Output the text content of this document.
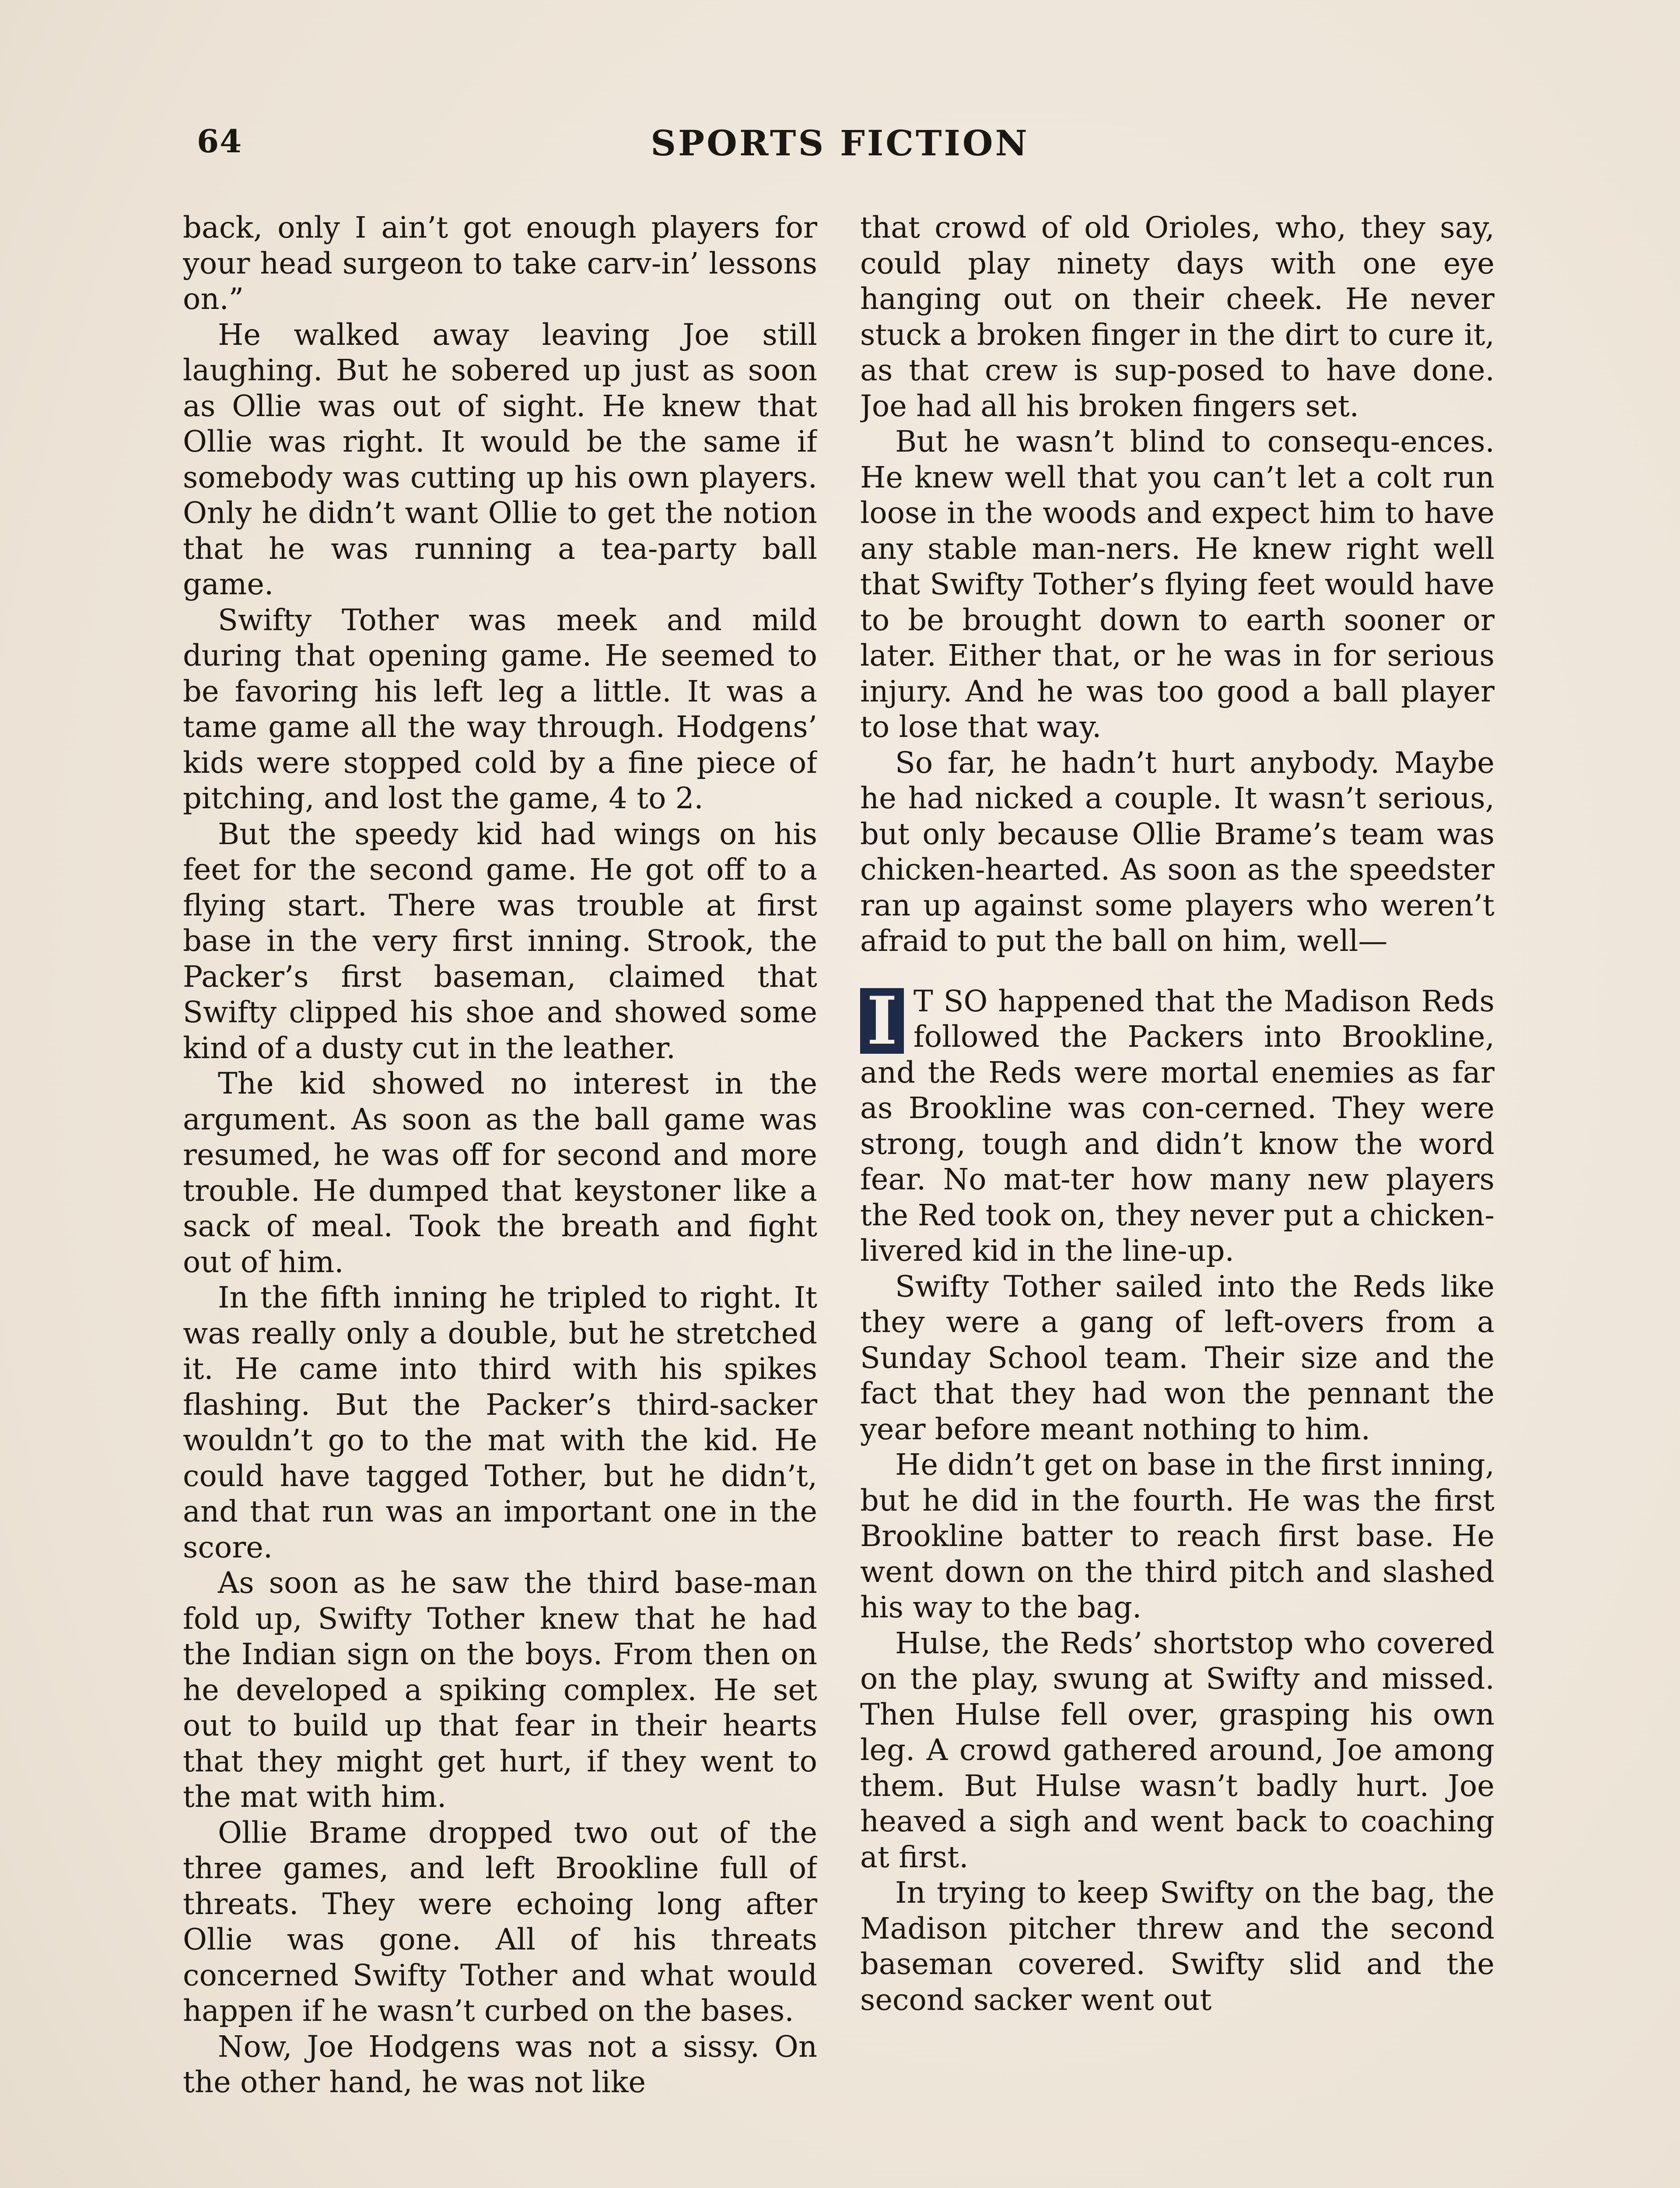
64	SPORTS FICTION

back, only I ain’t got enough players for your head surgeon to take carv-in’ lessons on.”

He walked away leaving Joe still laughing. But he sobered up just as soon as Ollie was out of sight. He knew that Ollie was right. It would be the same if somebody was cutting up his own players. Only he didn’t want Ollie to get the notion that he was running a tea-party ball game.

Swifty Tother was meek and mild during that opening game. He seemed to be favoring his left leg a little. It was a tame game all the way through. Hodgens’ kids were stopped cold by a fine piece of pitching, and lost the game, 4 to 2.

But the speedy kid had wings on his feet for the second game. He got off to a flying start. There was trouble at first base in the very first inning. Strook, the Packer’s first baseman, claimed that Swifty clipped his shoe and showed some kind of a dusty cut in the leather.

The kid showed no interest in the argument. As soon as the ball game was resumed, he was off for second and more trouble. He dumped that keystoner like a sack of meal. Took the breath and fight out of him.

In the fifth inning he tripled to right. It was really only a double, but he stretched it. He came into third with his spikes flashing. But the Packer’s third-sacker wouldn’t go to the mat with the kid. He could have tagged Tother, but he didn’t, and that run was an important one in the score.

As soon as he saw the third base-man fold up, Swifty Tother knew that he had the Indian sign on the boys. From then on he developed a spiking complex. He set out to build up that fear in their hearts that they might get hurt, if they went to the mat with him.

Ollie Brame dropped two out of the three games, and left Brookline full of threats. They were echoing long after Ollie was gone. All of his threats concerned Swifty Tother and what would happen if he wasn’t curbed on the bases.

Now, Joe Hodgens was not a sissy. On the other hand, he was not like

that crowd of old Orioles, who, they say, could play ninety days with one eye hanging out on their cheek. He never stuck a broken finger in the dirt to cure it, as that crew is sup-posed to have done. Joe had all his broken fingers set.

But he wasn’t blind to consequ-ences. He knew well that you can’t let a colt run loose in the woods and expect him to have any stable man-ners. He knew right well that Swifty Tother’s flying feet would have to be brought down to earth sooner or later. Either that, or he was in for serious injury. And he was too good a ball player to lose that way.

So far, he hadn’t hurt anybody. Maybe he had nicked a couple. It wasn’t serious, but only because Ollie Brame’s team was chicken-hearted. As soon as the speedster ran up against some players who weren’t afraid to put the ball on him, well—

I T SO happened that the Madison Reds followed the Packers into Brookline, and the Reds were mortal enemies as far as Brookline was con-cerned. They were strong, tough and didn’t know the word fear. No mat-ter how many new players the Red took on, they never put a chicken-livered kid in the line-up.

Swifty Tother sailed into the Reds like they were a gang of left-overs from a Sunday School team. Their size and the fact that they had won the pennant the year before meant nothing to him.

He didn’t get on base in the first inning, but he did in the fourth. He was the first Brookline batter to reach first base. He went down on the third pitch and slashed his way to the bag.

Hulse, the Reds’ shortstop who covered on the play, swung at Swifty and missed. Then Hulse fell over, grasping his own leg. A crowd gathered around, Joe among them. But Hulse wasn’t badly hurt. Joe heaved a sigh and went back to coaching at first.

In trying to keep Swifty on the bag, the Madison pitcher threw and the second baseman covered. Swifty slid and the second sacker went out
